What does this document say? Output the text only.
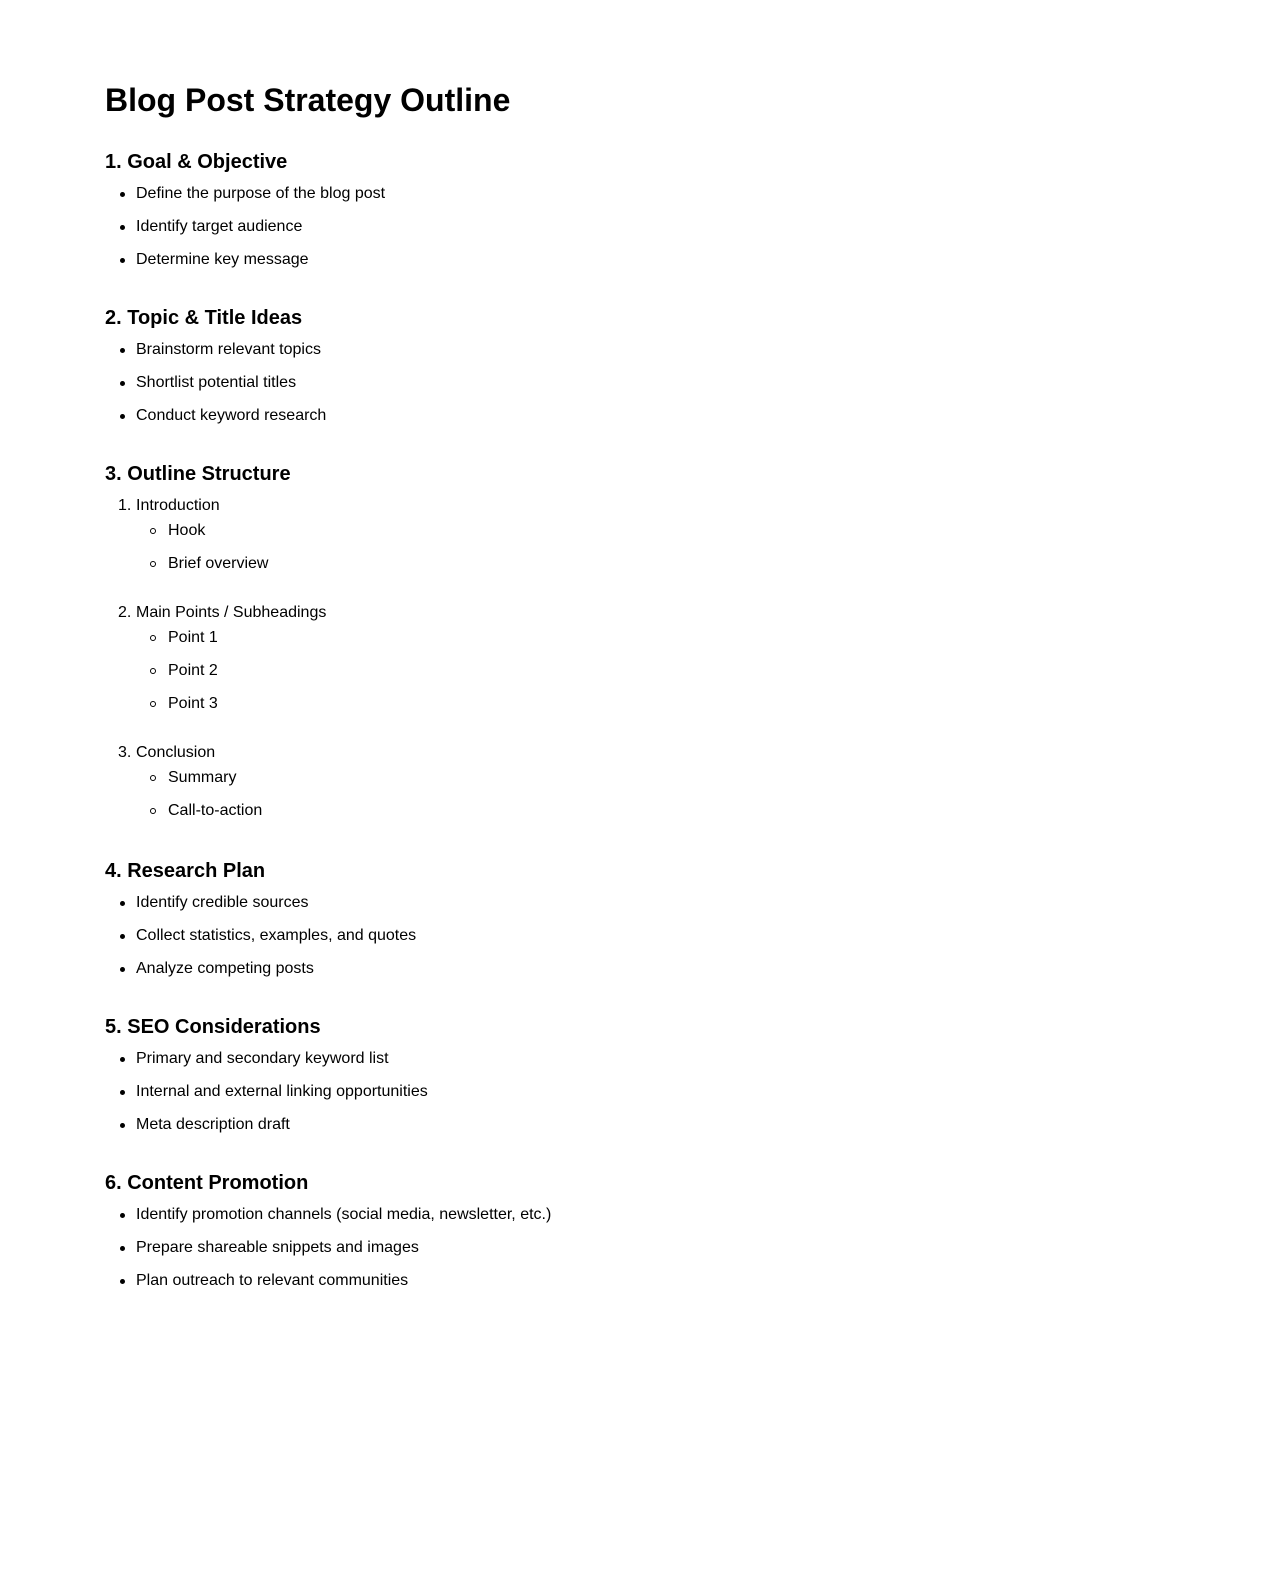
Blog Post Strategy Outline
1. Goal & Objective
Define the purpose of the blog post
Identify target audience
Determine key message
2. Topic & Title Ideas
Brainstorm relevant topics
Shortlist potential titles
Conduct keyword research
3. Outline Structure
1. Introduction
Hook
Brief overview
2. Main Points / Subheadings
Point 1
Point 2
Point 3
3. Conclusion
Summary
Call-to-action
4. Research Plan
Identify credible sources
Collect statistics, examples, and quotes
Analyze competing posts
5. SEO Considerations
Primary and secondary keyword list
Internal and external linking opportunities
Meta description draft
6. Content Promotion
Identify promotion channels (social media, newsletter, etc.)
Prepare shareable snippets and images
Plan outreach to relevant communities
